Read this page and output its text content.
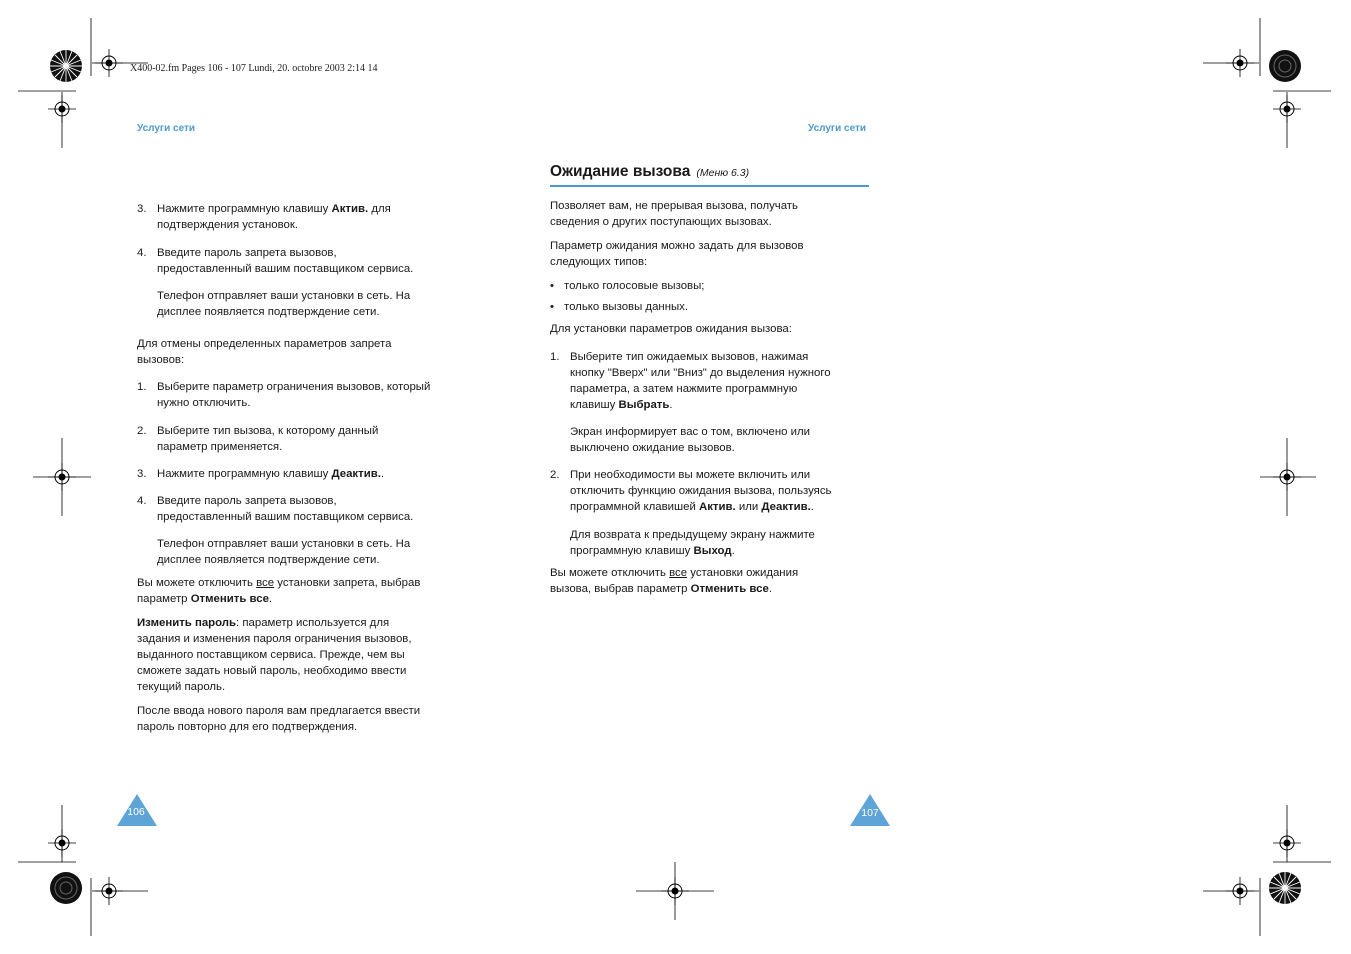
X400-02.fm Pages 106 - 107 Lundi, 20. octobre 2003 2:14 14
Услуги сети	Услуги сети
3. Нажмите программную клавишу Актив. для
подтверждения установок.
4. Введите пароль запрета вызовов,
предоставленный вашим поставщиком сервиса.
Телефон отправляет ваши установки в сеть. На
дисплее появляется подтверждение сети.
Для отмены определенных параметров запрета
вызовов:
1. Выберите параметр ограничения вызовов, который
нужно отключить.
2. Выберите тип вызова, к которому данный
параметр применяется.
3. Нажмите программную клавишу Деактив..
4. Введите пароль запрета вызовов,
предоставленный вашим поставщиком сервиса.
Телефон отправляет ваши установки в сеть. На
дисплее появляется подтверждение сети.
Вы можете отключить все установки запрета, выбрав
параметр Отменить все.
Изменить пароль: параметр используется для
задания и изменения пароля ограничения вызовов,
выданного поставщиком сервиса. Прежде, чем вы
сможете задать новый пароль, необходимо ввести
текущий пароль.
После ввода нового пароля вам предлагается ввести
пароль повторно для его подтверждения.
Ожидание вызова (Меню 6.3)
Позволяет вам, не прерывая вызова, получать
сведения о других поступающих вызовах.
Параметр ожидания можно задать для вызовов
следующих типов:
• только голосовые вызовы;
• только вызовы данных.
Для установки параметров ожидания вызова:
1. Выберите тип ожидаемых вызовов, нажимая
кнопку "Вверх" или "Вниз" до выделения нужного
параметра, а затем нажмите программную
клавишу Выбрать.
Экран информирует вас о том, включено или
выключено ожидание вызовов.
2. При необходимости вы можете включить или
отключить функцию ожидания вызова, пользуясь
программной клавишей Актив. или Деактив..
Для возврата к предыдущему экрану нажмите
программную клавишу Выход.
Вы можете отключить все установки ожидания
вызова, выбрав параметр Отменить все.
106	107
